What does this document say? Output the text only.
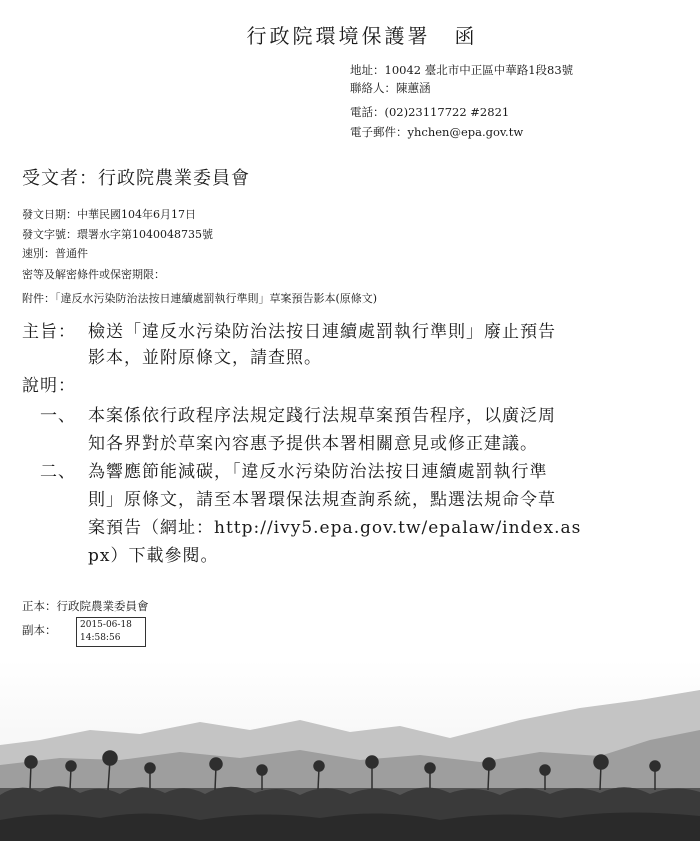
行政院環境保護署 函
地址：10042 臺北市中正區中華路1段83號
聯絡人：陳蕙涵
電話：(02)23117722 #2821
電子郵件：yhchen@epa.gov.tw
受文者：行政院農業委員會
發文日期：中華民國104年6月17日
發文字號：環署水字第1040048735號
速別：普通件
密等及解密條件或保密期限：
附件：「違反水污染防治法按日連續處罰執行準則」草案預告影本(原條文)
主旨： 檢送「違反水污染防治法按日連續處罰執行準則」廢止預告
影本，並附原條文，請查照。
說明：
一、 本案係依行政程序法規定踐行法規草案預告程序，以廣泛周
知各界對於草案內容惠予提供本署相關意見或修正建議。
二、 為響應節能減碳，「違反水污染防治法按日連續處罰執行準
則」原條文，請至本署環保法規查詢系統，點選法規命令草
案預告（網址：http://ivy5.epa.gov.tw/epalaw/index.as
px）下載參閱。
正本：行政院農業委員會
副本：	2015-06-18
14:58:56
